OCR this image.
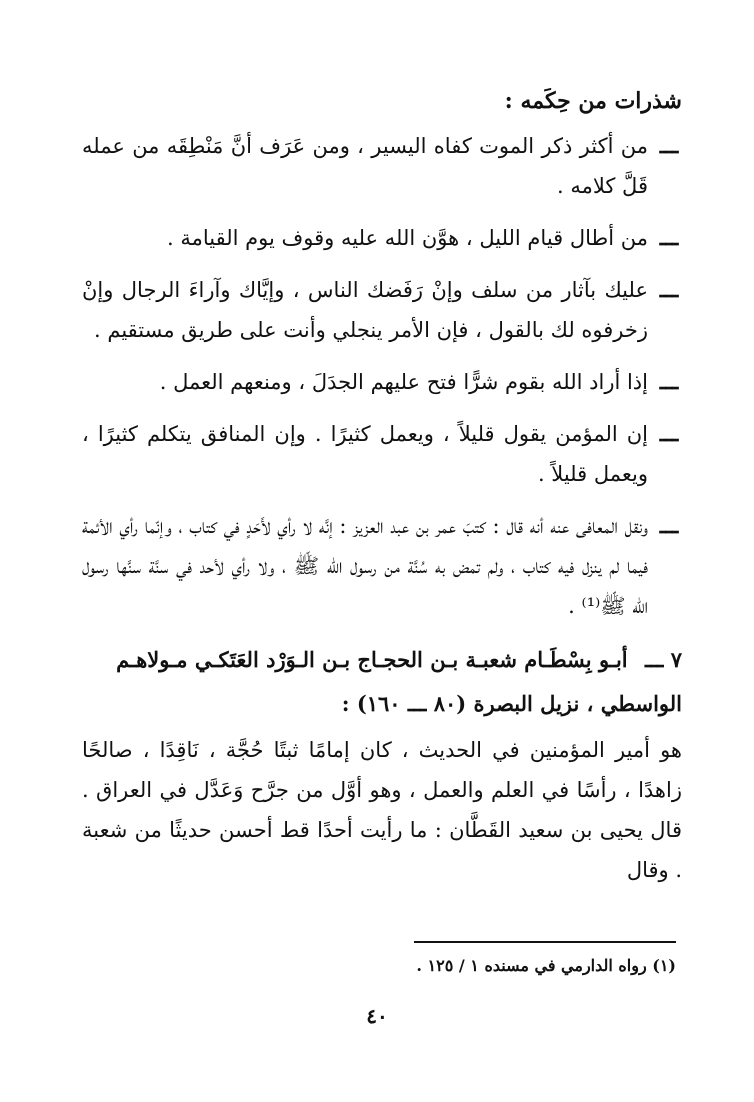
شذرات من حِكَمه :
ـــ
من أكثر ذكر الموت كفاه اليسير ، ومن عَرَف أنَّ مَنْطِقَه من عمله قَلَّ كلامه .
ـــ
من أطال قيام الليل ، هوَّن الله عليه وقوف يوم القيامة .
ـــ
عليك بآثار من سلف وإنْ رَفَضك الناس ، وإيَّاك وآراءَ الرجال وإنْ زخرفوه لك بالقول ، فإن الأمر ينجلي وأنت على طريق مستقيم .
ـــ
إذا أراد الله بقوم شرًّا فتح عليهم الجدَلَ ، ومنعهم العمل .
ـــ
إن المؤمن يقول قليلاً ، ويعمل كثيرًا . وإن المنافق يتكلم كثيرًا ، ويعمل قليلاً .
ـــ
ونقل المعافى عنه أنه قال : كتبَ عمر بن عبد العزيز : إنَّه لا رأي لأَحَدٍ في كتاب ، وإنّما رأي الأئمة فيما لم ينزل فيه كتاب ، ولم تمض به سُنَّة من رسول الله ﷺ ، ولا رأي لأحد في سنَّة سنَّها رسول الله ﷺ⁽¹⁾ .
٧ ـــ أبـو بِسْطَـام شعبـة بـن الحجـاج بـن الـوَرْد العَتَكـي مـولاهـم الواسطي ، نزيل البصرة (٨٠ ـــ ١٦٠) :
هو أمير المؤمنين في الحديث ، كان إمامًا ثبتًا حُجَّة ، نَاقِدًا ، صالحًا زاهدًا ، رأسًا في العلم والعمل ، وهو أوَّل من جرَّح وَعَدَّل في العراق . قال يحيى بن سعيد القَطَّان : ما رأيت أحدًا قط أحسن حديثًا من شعبة . وقال
(١) رواه الدارمي في مسنده ١ / ١٢٥ .
٤٠
